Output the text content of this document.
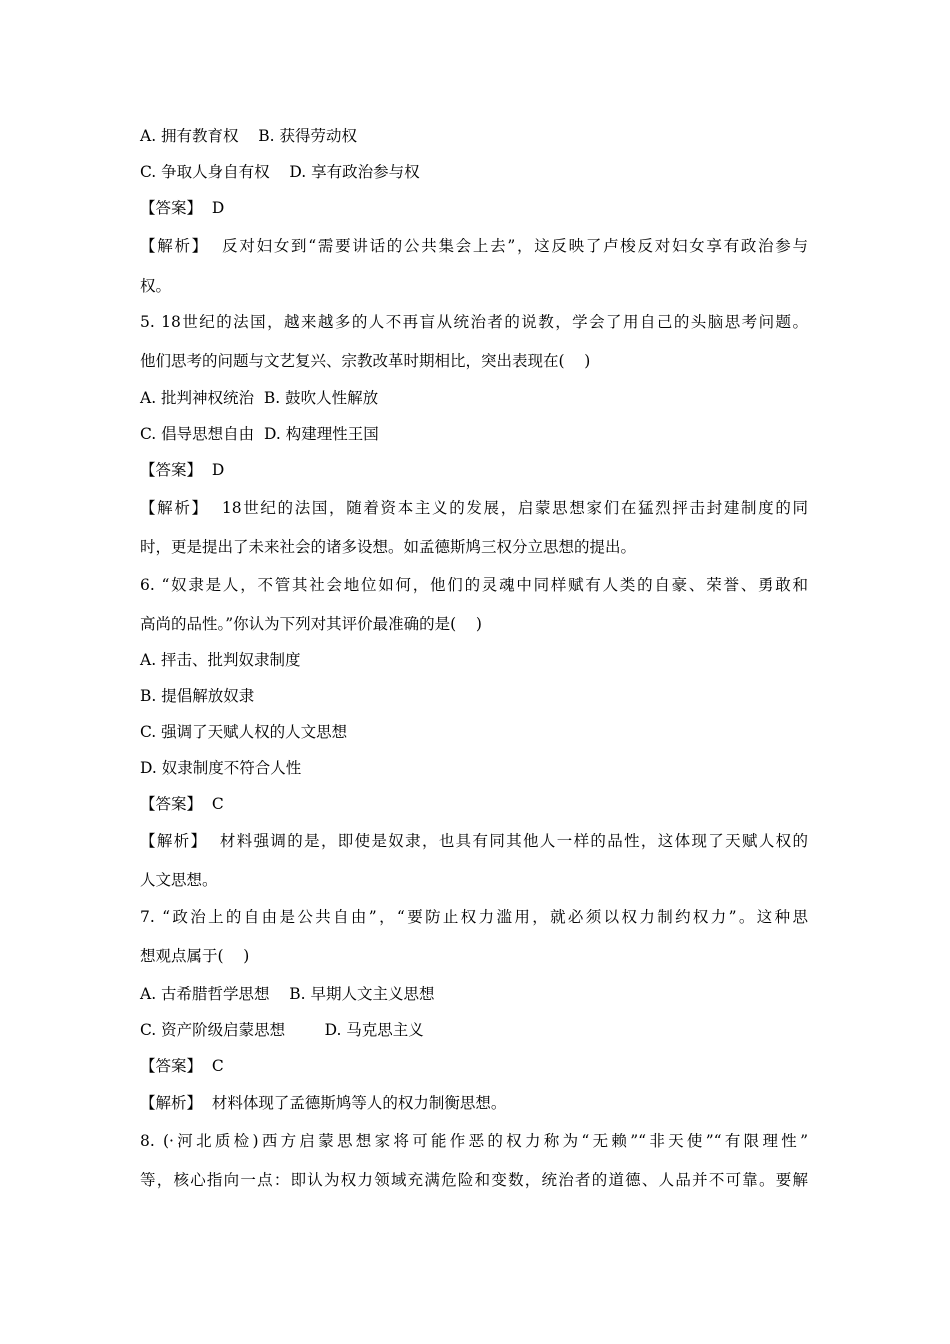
A. 拥有教育权    B. 获得劳动权
C. 争取人身自有权    D. 享有政治参与权
【答案】  D
【解析】  反对妇女到“需要讲话的公共集会上去”，这反映了卢梭反对妇女享有政治参与
权。
5. 18世纪的法国，越来越多的人不再盲从统治者的说教，学会了用自己的头脑思考问题。
他们思考的问题与文艺复兴、宗教改革时期相比，突出表现在(    )
A. 批判神权统治  B. 鼓吹人性解放
C. 倡导思想自由  D. 构建理性王国
【答案】  D
【解析】  18世纪的法国，随着资本主义的发展，启蒙思想家们在猛烈抨击封建制度的同
时，更是提出了未来社会的诸多设想。如孟德斯鸠三权分立思想的提出。
6. “奴隶是人，不管其社会地位如何，他们的灵魂中同样赋有人类的自豪、荣誉、勇敢和
高尚的品性。”你认为下列对其评价最准确的是(    )
A. 抨击、批判奴隶制度
B. 提倡解放奴隶
C. 强调了天赋人权的人文思想
D. 奴隶制度不符合人性
【答案】  C
【解析】  材料强调的是，即使是奴隶，也具有同其他人一样的品性，这体现了天赋人权的
人文思想。
7. “政治上的自由是公共自由”，“要防止权力滥用，就必须以权力制约权力”。这种思
想观点属于(    )
A. 古希腊哲学思想    B. 早期人文主义思想
C. 资产阶级启蒙思想        D. 马克思主义
【答案】  C
【解析】  材料体现了孟德斯鸠等人的权力制衡思想。
8. (·河北质检)西方启蒙思想家将可能作恶的权力称为“无赖”“非天使”“有限理性”
等，核心指向一点：即认为权力领域充满危险和变数，统治者的道德、人品并不可靠。要解
